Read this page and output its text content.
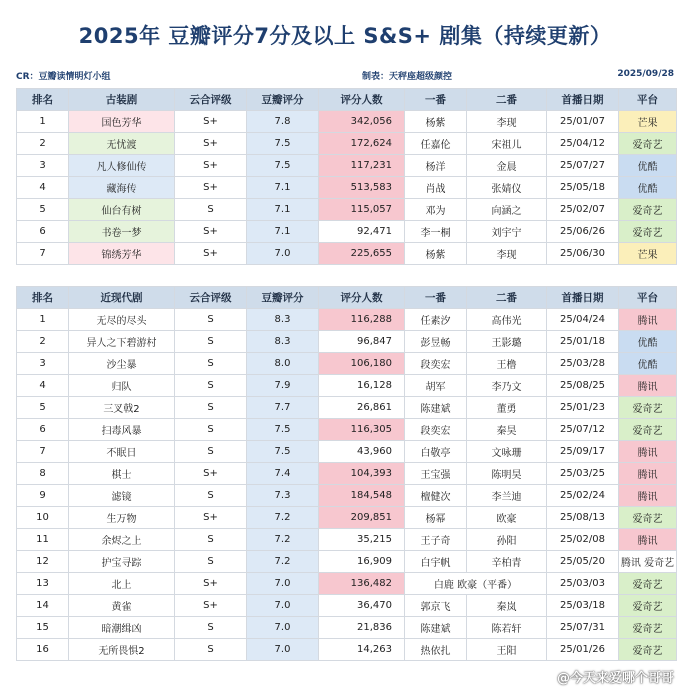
2025年 豆瓣评分7分及以上 S&S+ 剧集（持续更新）
CR：豆瓣读情明灯小组	制表：天秤座超级颜控	2025/09/28
排名	古装剧	云合评级	豆瓣评分	评分人数	一番	二番	首播日期	平台
1	国色芳华	S+	7.8	342,056	杨紫	李现	25/01/07	芒果
2	无忧渡	S+	7.5	172,624	任嘉伦	宋祖儿	25/04/12	爱奇艺
3	凡人修仙传	S+	7.5	117,231	杨洋	金晨	25/07/27	优酷
4	藏海传	S+	7.1	513,583	肖战	张婧仪	25/05/18	优酷
5	仙台有树	S	7.1	115,057	邓为	向涵之	25/02/07	爱奇艺
6	书卷一梦	S+	7.1	92,471	李一桐	刘宇宁	25/06/26	爱奇艺
7	锦绣芳华	S+	7.0	225,655	杨紫	李现	25/06/30	芒果
排名	近现代剧	云合评级	豆瓣评分	评分人数	一番	二番	首播日期	平台
1	无尽的尽头	S	8.3	116,288	任素汐	高伟光	25/04/24	腾讯
2	异人之下碧游村	S	8.3	96,847	彭昱畅	王影璐	25/01/18	优酷
3	沙尘暴	S	8.0	106,180	段奕宏	王橹	25/03/28	优酷
4	归队	S	7.9	16,128	胡军	李乃文	25/08/25	腾讯
5	三叉戟2	S	7.7	26,861	陈建斌	董勇	25/01/23	爱奇艺
6	扫毒风暴	S	7.5	116,305	段奕宏	秦昊	25/07/12	爱奇艺
7	不眠日	S	7.5	43,960	白敬亭	文咏珊	25/09/17	腾讯
8	棋士	S+	7.4	104,393	王宝强	陈明昊	25/03/25	腾讯
9	滤镜	S	7.3	184,548	檀健次	李兰迪	25/02/24	腾讯
10	生万物	S+	7.2	209,851	杨幂	欧豪	25/08/13	爱奇艺
11	余烬之上	S	7.2	35,215	王子奇	孙阳	25/02/08	腾讯
12	护宝寻踪	S	7.2	16,909	白宇帆	辛柏青	25/05/20	腾讯 爱奇艺
13	北上	S+	7.0	136,482	白鹿 欧豪（平番）		25/03/03	爱奇艺
14	黄雀	S+	7.0	36,470	郭京飞	秦岚	25/03/18	爱奇艺
15	暗潮缉凶	S	7.0	21,836	陈建斌	陈若轩	25/07/31	爱奇艺
16	无所畏惧2	S	7.0	14,263	热依扎	王阳	25/01/26	爱奇艺
@今天来爱哪个哥哥
